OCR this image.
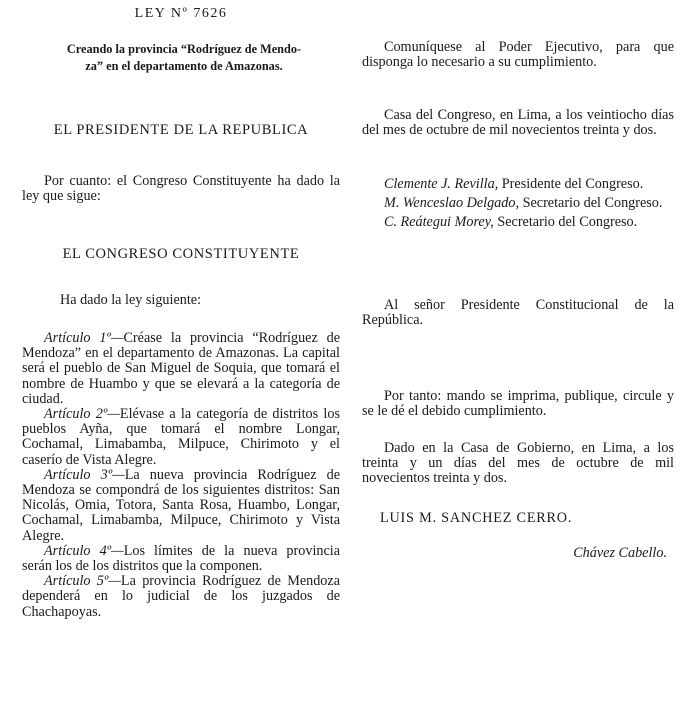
LEY Nº 7626
Creando la provincia “Rodríguez de Mendo-
za” en el departamento de Amazonas.
EL PRESIDENTE DE LA REPUBLICA

Por cuanto: el Congreso Constituyente ha dado la ley que sigue:

EL CONGRESO CONSTITUYENTE

Ha dado la ley siguiente:

Artículo 1º—Créase la provincia “Rodríguez de Mendoza” en el departamento de Amazonas. La capital será el pueblo de San Miguel de Soquia, que tomará el nombre de Huambo y que se elevará a la categoría de ciudad.

Artículo 2º—Elévase a la categoría de distritos los pueblos Ayña, que tomará el nombre Longar, Cochamal, Limabamba, Milpuce, Chirimoto y el caserío de Vista Alegre.

Artículo 3º—La nueva provincia Rodríguez de Mendoza se compondrá de los siguientes distritos: San Nicolás, Omia, Totora, Santa Rosa, Huambo, Longar, Cochamal, Limabamba, Milpuce, Chirimoto y Vista Alegre.

Artículo 4º—Los límites de la nueva provincia serán los de los distritos que la componen.

Artículo 5º—La provincia Rodríguez de Mendoza dependerá en lo judicial de los juzgados de Chachapoyas.

Comuníquese al Poder Ejecutivo, para que disponga lo necesario a su cumplimiento.

Casa del Congreso, en Lima, a los veintiocho días del mes de octubre de mil novecientos treinta y dos.

Clemente J. Revilla, Presidente del Congreso.

M. Wenceslao Delgado, Secretario del Congreso.

C. Reátegui Morey, Secretario del Congreso.

Al señor Presidente Constitucional de la República.

Por tanto: mando se imprima, publique, circule y se le dé el debido cumplimiento.

Dado en la Casa de Gobierno, en Lima, a los treinta y un días del mes de octubre de mil novecientos treinta y dos.

LUIS M. SANCHEZ CERRO.
Chávez Cabello.
